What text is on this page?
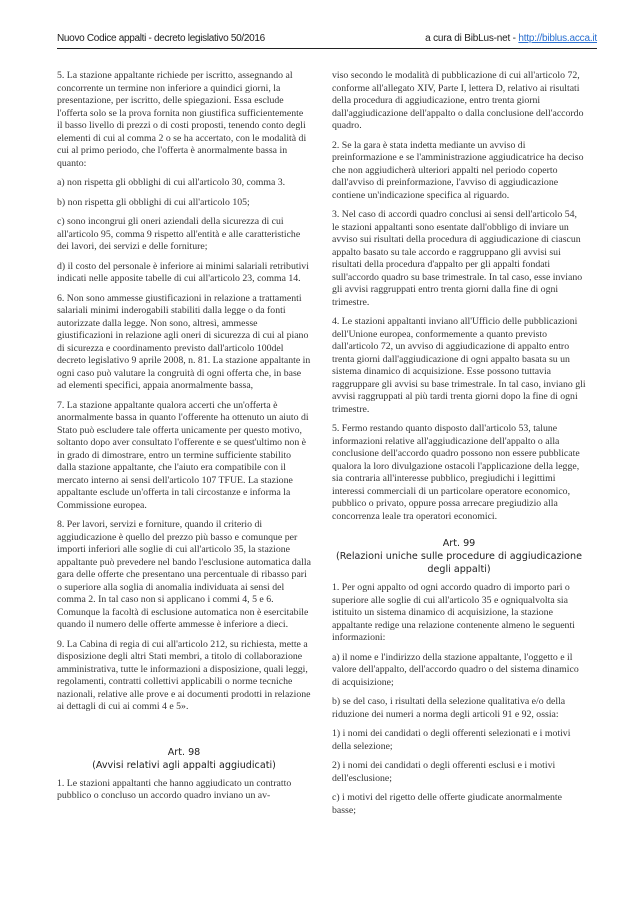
Nuovo Codice appalti - decreto legislativo 50/2016	a cura di BibLus-net - http://biblus.acca.it

5. La stazione appaltante richiede per iscritto, assegnando al concorrente un termine non inferiore a quindici giorni, la presentazione, per iscritto, delle spiegazioni. Essa esclude l'offerta solo se la prova fornita non giustifica sufficientemente il basso livello di prezzi o di costi proposti, tenendo conto degli elementi di cui al comma 2 o se ha accertato, con le modalità di cui al primo periodo, che l'offerta è anormalmente bassa in quanto:

a) non rispetta gli obblighi di cui all'articolo 30, comma 3.

b) non rispetta gli obblighi di cui all'articolo 105;

c) sono incongrui gli oneri aziendali della sicurezza di cui all'articolo 95, comma 9 rispetto all'entità e alle caratteristiche dei lavori, dei servizi e delle forniture;

d) il costo del personale è inferiore ai minimi salariali retributivi indicati nelle apposite tabelle di cui all'articolo 23, comma 14.

6. Non sono ammesse giustificazioni in relazione a trattamenti salariali minimi inderogabili stabiliti dalla legge o da fonti autorizzate dalla legge. Non sono, altresì, ammesse giustificazioni in relazione agli oneri di sicurezza di cui al piano di sicurezza e coordinamento previsto dall'articolo 100del decreto legislativo 9 aprile 2008, n. 81. La stazione appaltante in ogni caso può valutare la congruità di ogni offerta che, in base ad elementi specifici, appaia anormalmente bassa,

7. La stazione appaltante qualora accerti che un'offerta è anormalmente bassa in quanto l'offerente ha ottenuto un aiuto di Stato può escludere tale offerta unicamente per questo motivo, soltanto dopo aver consultato l'offerente e se quest'ultimo non è in grado di dimostrare, entro un termine sufficiente stabilito dalla stazione appaltante, che l'aiuto era compatibile con il mercato interno ai sensi dell'articolo 107 TFUE. La stazione appaltante esclude un'offerta in tali circostanze e informa la Commissione europea.

8. Per lavori, servizi e forniture, quando il criterio di aggiudicazione è quello del prezzo più basso e comunque per importi inferiori alle soglie di cui all'articolo 35, la stazione appaltante può prevedere nel bando l'esclusione automatica dalla gara delle offerte che presentano una percentuale di ribasso pari o superiore alla soglia di anomalia individuata ai sensi del comma 2. In tal caso non si applicano i commi 4, 5 e 6. Comunque la facoltà di esclusione automatica non è esercitabile quando il numero delle offerte ammesse è inferiore a dieci.

9. La Cabina di regia di cui all'articolo 212, su richiesta, mette a disposizione degli altri Stati membri, a titolo di collaborazione amministrativa, tutte le informazioni a disposizione, quali leggi, regolamenti, contratti collettivi applicabili o norme tecniche nazionali, relative alle prove e ai documenti prodotti in relazione ai dettagli di cui ai commi 4 e 5».

Art. 98
(Avvisi relativi agli appalti aggiudicati)

1. Le stazioni appaltanti che hanno aggiudicato un contratto pubblico o concluso un accordo quadro inviano un av-

viso secondo le modalità di pubblicazione di cui all'articolo 72, conforme all'allegato XIV, Parte I, lettera D, relativo ai risultati della procedura di aggiudicazione, entro trenta giorni dall'aggiudicazione dell'appalto o dalla conclusione dell'accordo quadro.

2. Se la gara è stata indetta mediante un avviso di preinformazione e se l'amministrazione aggiudicatrice ha deciso che non aggiudicherà ulteriori appalti nel periodo coperto dall'avviso di preinformazione, l'avviso di aggiudicazione contiene un'indicazione specifica al riguardo.

3. Nel caso di accordi quadro conclusi ai sensi dell'articolo 54, le stazioni appaltanti sono esentate dall'obbligo di inviare un avviso sui risultati della procedura di aggiudicazione di ciascun appalto basato su tale accordo e raggruppano gli avvisi sui risultati della procedura d'appalto per gli appalti fondati sull'accordo quadro su base trimestrale. In tal caso, esse inviano gli avvisi raggruppati entro trenta giorni dalla fine di ogni trimestre.

4. Le stazioni appaltanti inviano all'Ufficio delle pubblicazioni dell'Unione europea, conformemente a quanto previsto dall'articolo 72, un avviso di aggiudicazione di appalto entro trenta giorni dall'aggiudicazione di ogni appalto basata su un sistema dinamico di acquisizione. Esse possono tuttavia raggruppare gli avvisi su base trimestrale. In tal caso, inviano gli avvisi raggruppati al più tardi trenta giorni dopo la fine di ogni trimestre.

5. Fermo restando quanto disposto dall'articolo 53, talune informazioni relative all'aggiudicazione dell'appalto o alla conclusione dell'accordo quadro possono non essere pubblicate qualora la loro divulgazione ostacoli l'applicazione della legge, sia contraria all'interesse pubblico, pregiudichi i legittimi interessi commerciali di un particolare operatore economico, pubblico o privato, oppure possa arrecare pregiudizio alla concorrenza leale tra operatori economici.

Art. 99
(Relazioni uniche sulle procedure di aggiudicazione degli appalti)

1. Per ogni appalto od ogni accordo quadro di importo pari o superiore alle soglie di cui all'articolo 35 e ogniqualvolta sia istituito un sistema dinamico di acquisizione, la stazione appaltante redige una relazione contenente almeno le seguenti informazioni:

a) il nome e l'indirizzo della stazione appaltante, l'oggetto e il valore dell'appalto, dell'accordo quadro o del sistema dinamico di acquisizione;

b) se del caso, i risultati della selezione qualitativa e/o della riduzione dei numeri a norma degli articoli 91 e 92, ossia:

1) i nomi dei candidati o degli offerenti selezionati e i motivi della selezione;

2) i nomi dei candidati o degli offerenti esclusi e i motivi dell'esclusione;

c) i motivi del rigetto delle offerte giudicate anormalmente basse;
